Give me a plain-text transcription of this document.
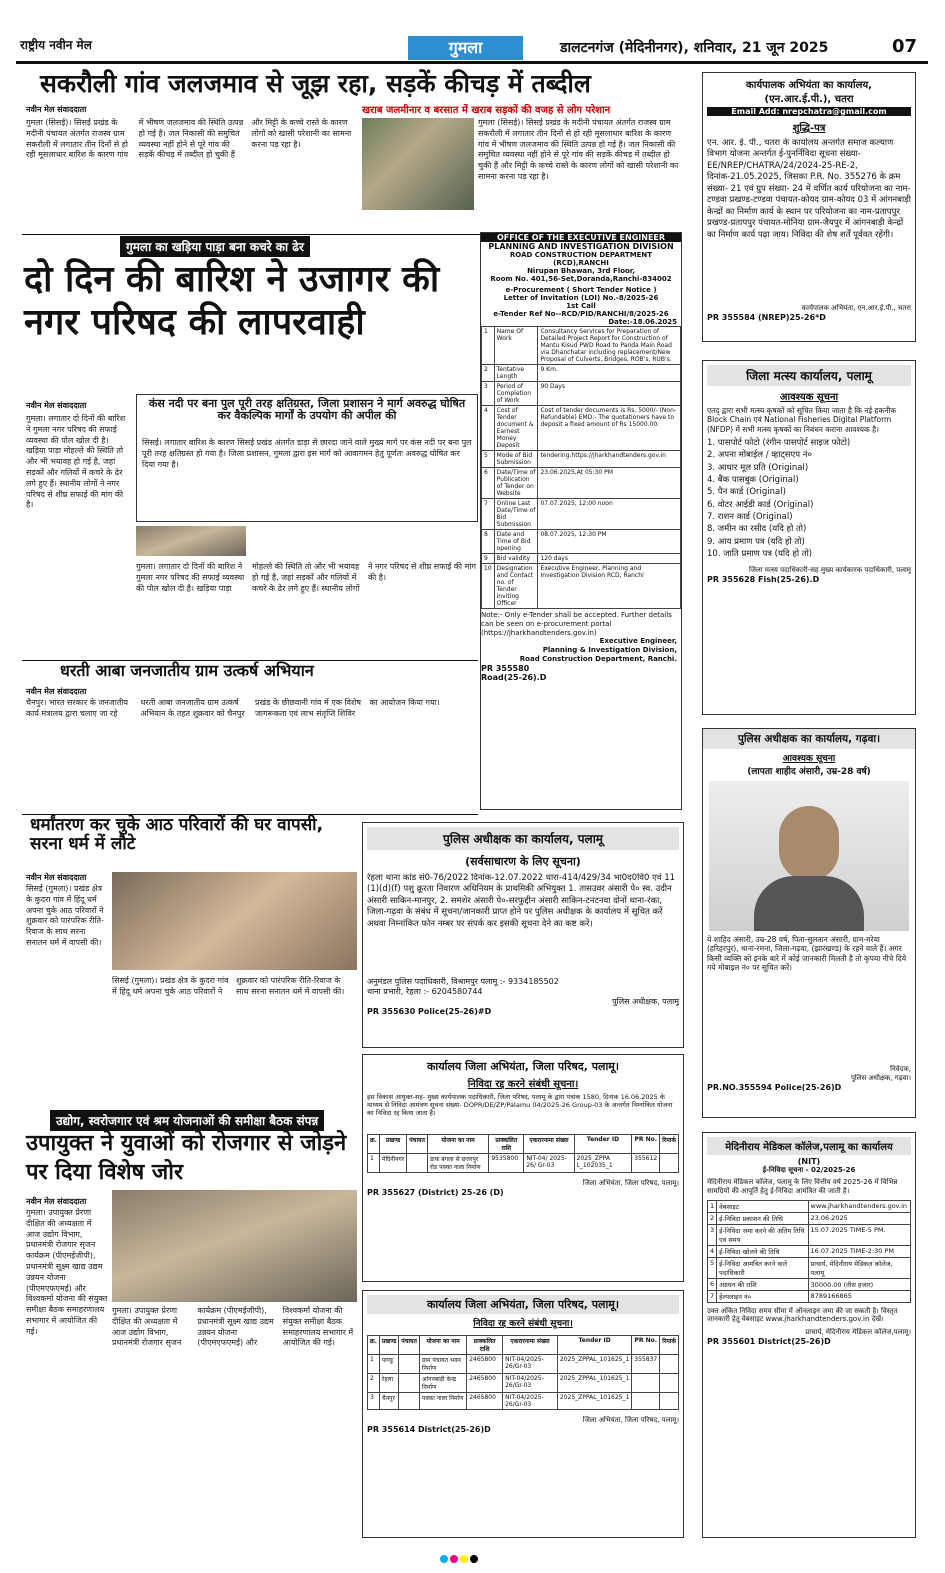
राष्ट्रीय नवीन मेल	गुमला	डालटनगंज (मेदिनीनगर), शनिवार, 21 जून 2025	07
सकरौली गांव जलजमाव से जूझ रहा, सड़कें कीचड़ में तब्दील
नवीन मेल संवाददाता
गुमला (सिसई)। सिसई प्रखंड के मदीनी पंचायत अंतर्गत राजस्व ग्राम सकरौली में लगातार तीन दिनों से हो रही मूसलाधार बारिश के कारण गांव में भीषण जलजमाव की स्थिति उत्पन्न हो गई है। जल निकासी की समुचित व्यवस्था नहीं होने से पूरे गांव की सड़कें कीचड़ में तब्दील हो चुकी हैं और मिट्टी के कच्चे रास्ते के कारण लोगों को खासी परेशानी का सामना करना पड़ रहा है।
खराब जलमीनार व बरसात में खराब सड़कों की वजह से लोग परेशान
गुमला (सिसई)। सिसई प्रखंड के मदीनी पंचायत अंतर्गत राजस्व ग्राम सकरौली में लगातार तीन दिनों से हो रही मूसलाधार बारिश के कारण गांव में भीषण जलजमाव की स्थिति उत्पन्न हो गई है। जल निकासी की समुचित व्यवस्था नहीं होने से पूरे गांव की सड़कें कीचड़ में तब्दील हो चुकी हैं और मिट्टी के कच्चे रास्ते के कारण लोगों को खासी परेशानी का सामना करना पड़ रहा है।
गुमला का खड़िया पाड़ा बना कचरे का ढेर
दो दिन की बारिश ने उजागर की नगर परिषद की लापरवाही
नवीन मेल संवाददाता
गुमला। लगातार दो दिनों की बारिश ने गुमला नगर परिषद की सफाई व्यवस्था की पोल खोल दी है। खड़िया पाड़ा मोहल्ले की स्थिति तो और भी भयावह हो गई है, जहां सड़कों और गलियों में कचरे के ढेर लगे हुए हैं। स्थानीय लोगों ने नगर परिषद से शीघ्र सफाई की मांग की है।
कंस नदी पर बना पुल पूरी तरह क्षतिग्रस्त, जिला प्रशासन ने मार्ग अवरुद्ध घोषित कर वैकल्पिक मार्गों के उपयोग की अपील की
सिसई। लगातार बारिश के कारण सिसई प्रखंड अंतर्गत डाड़ा से छारदा जाने वाले मुख्य मार्ग पर कंस नदी पर बना पुल पूरी तरह क्षतिग्रस्त हो गया है। जिला प्रशासन, गुमला द्वारा इस मार्ग को आवागमन हेतु पूर्णतः अवरुद्ध घोषित कर दिया गया है।
गुमला। लगातार दो दिनों की बारिश ने गुमला नगर परिषद की सफाई व्यवस्था की पोल खोल दी है। खड़िया पाड़ा मोहल्ले की स्थिति तो और भी भयावह हो गई है, जहां सड़कों और गलियों में कचरे के ढेर लगे हुए हैं। स्थानीय लोगों ने नगर परिषद से शीघ्र सफाई की मांग की है।
धरती आबा जनजातीय ग्राम उत्कर्ष अभियान
नवीन मेल संवाददाता
चैनपुर। भारत सरकार के जनजातीय कार्य मंत्रालय द्वारा चलाए जा रहे धरती आबा जनजातीय ग्राम उत्कर्ष अभियान के तहत शुक्रवार को चैनपुर प्रखंड के छीछवानी गांव में एक विशेष जागरूकता एवं लाभ संतृप्ति शिविर का आयोजन किया गया।
धर्मांतरण कर चुके आठ परिवारों की घर वापसी, सरना धर्म में लौटे
नवीन मेल संवाददाता
सिसई (गुमला)। प्रखंड क्षेत्र के कुदरा गांव में हिंदू धर्म अपना चुके आठ परिवारों ने शुक्रवार को पारंपरिक रीति-रिवाज के साथ सरना सनातन धर्म में वापसी की।
सिसई (गुमला)। प्रखंड क्षेत्र के कुदरा गांव में हिंदू धर्म अपना चुके आठ परिवारों ने शुक्रवार को पारंपरिक रीति-रिवाज के साथ सरना सनातन धर्म में वापसी की।
उद्योग, स्वरोजगार एवं श्रम योजनाओं की समीक्षा बैठक संपन्न
उपायुक्त ने युवाओं को रोजगार से जोड़ने पर दिया विशेष जोर
नवीन मेल संवाददाता
गुमला। उपायुक्त प्रेरणा दीक्षित की अध्यक्षता में आज उद्योग विभाग, प्रधानमंत्री रोजगार सृजन कार्यक्रम (पीएमईजीपी), प्रधानमंत्री सूक्ष्म खाद्य उद्यम उन्नयन योजना (पीएमएफएमई) और विश्वकर्मा योजना की संयुक्त समीक्षा बैठक समाहरणालय सभागार में आयोजित की गई।
गुमला। उपायुक्त प्रेरणा दीक्षित की अध्यक्षता में आज उद्योग विभाग, प्रधानमंत्री रोजगार सृजन कार्यक्रम (पीएमईजीपी), प्रधानमंत्री सूक्ष्म खाद्य उद्यम उन्नयन योजना (पीएमएफएमई) और विश्वकर्मा योजना की संयुक्त समीक्षा बैठक समाहरणालय सभागार में आयोजित की गई।
OFFICE OF THE EXECUTIVE ENGINEER
PLANNING AND INVESTIGATION DIVISION
ROAD CONSTRUCTION DEPARTMENT (RCD),RANCHI
Nirupan Bhawan, 3rd Floor,
Room No. 401,56-Set,Doranda,Ranchi-834002
e-Procurement ( Short Tender Notice )
Letter of Invitation (LOI) No.-8/2025-26
1st Call
e-Tender Ref No--RCD/PID/RANCHI/8/2025-26
Date:-18.06.2025
1	Name Of Work	Consultancy Services for Preparation of Detailed Project Report for Construction of Mantu Kisud PWD Road to Panda Main Road via Dhanchatar including replacement/New Proposal of Culverts, Bridges, ROB's, RUB's.
2	Tentative Length	9 Km.
3	Period of Completion of Work	90 Days
4	Cost of Tender document & Earnest Money Deposit	Cost of tender documents is Rs. 5000/- (Non-Refundable) EMD:- The quotationers have to deposit a fixed amount of Rs 15000.00.
5	Mode of Bid Submission	tendering.https://jharkhandtenders.gov.in
6	Date/Time of Publication of Tender on Website	23.06.2025,At 05:30 PM
7	Online Last Date/Time of Bid Submission	07.07.2025, 12:00 noon
8	Date and Time of Bid opening	08.07.2025, 12:30 PM
9	Bid validity	120 days
10	Designation and Contact no. of Tender inviting Officer	Executive Engineer, Planning and Investigation Division RCD, Ranchi
Note:- Only e-Tender shall be accepted. Further details can be seen on e-procurement portal (https://jharkhandtenders.gov.in)
Executive Engineer,
Planning & Investigation Division,
Road Construction Department, Ranchi.
PR 355580
Road(25-26).D
कार्यपालक अभियंता का कार्यालय,
(एन.आर.ई.पी.), चतरा
Email Add: nrepchatra@gmail.com
शुद्धि-पत्र
एन. आर. ई. पी., चतरा के कार्यालय अन्तर्गत समाज कल्याण विभाग योजना अन्तर्गत ई-पुनर्निविदा सूचना संख्या- EE/NREP/CHATRA/24/2024-25-RE-2, दिनांक-21.05.2025, जिसका P.R. No. 355276 के क्रम संख्या- 21 एवं ग्रुप संख्या- 24 में वर्णित कार्य परियोजना का नाम-टण्डवा प्रखण्ड-टण्डवा पंचायत-कोयद ग्राम-कोयद 03 में आंगनबाड़ी केन्द्रों का निर्माण कार्य के स्थान पर परियोजना का नाम-प्रतापपुर प्रखण्ड-प्रतापपुर पंचायत-मोनिया ग्राम-जैयपुर में आंगनबाड़ी केन्द्रों का निर्माण कार्य पढ़ा जाय। निविदा की शेष शर्तें पूर्ववत रहेंगी।
कार्यपालक अभियंता, एन.आर.ई.पी., चतरा
PR 355584 (NREP)25-26*D
जिला मत्स्य कार्यालय, पलामू
आवश्यक सूचना
एतद् द्वारा सभी मत्स्य कृषकों को सूचित किया जाता है कि नई हकनीक Block Chain एवं National Fisheries Digital Platform (NFDP) में सभी मत्स्य कृषकों का निबंधन कराना आवश्यक है।
1. पासपोर्ट फोटो (रंगीन पासपोर्ट साइज फोटो)
2. अपना मोबाईल / व्हाट्सएप नं०
3. आधार मूल प्रति (Original)
4. बैंक पासबुक (Original)
5. पैन कार्ड (Original)
6. वोटर आईडी कार्ड (Original)
7. राशन कार्ड (Original)
8. जमीन का रसीद (यदि हो तो)
9. आय प्रमाण पत्र (यदि हो तो)
10. जाति प्रमाण पत्र (यदि हो तो)
जिला मत्स्य पदाधिकारी-सह मुख्य कार्यकारक पदाधिकारी, पलामू
PR 355628 Fish(25-26).D
पुलिस अधीक्षक का कार्यालय, गढ़वा।
आवश्यक सूचना
(लापता शाहीद अंसारी, उम्र-28 वर्ष)
ये शाहिद अंसारी, उम्र-28 वर्ष, पिता-सुलतान अंसारी, ग्राम-मरेया (हरिहरपुर), थाना-रमना, जिला-गढ़वा, (झारखण्ड) के रहने वाले हैं। अगर किसी व्यक्ति को इनके बारे में कोई जानकारी मिलती है तो कृपया नीचे दिये गये मोबाइल नं० पर सूचित करें।
निवेदक,
पुलिस अधीक्षक, गढ़वा।
PR.NO.355594 Police(25-26)D
पुलिस अधीक्षक का कार्यालय, पलामू
(सर्वसाधारण के लिए सूचना)
रेहला थाना कांड सं0-76/2022 दिनांक-12.07.2022 धारा-414/429/34 भा0द0वि0 एवं 11 (1)(d)(f) पशु क्रूरता निवारण अधिनियम के प्राथमिकी अभियुक्त 1. तासउवर अंसारी पे० स्व. उदीन अंसारी साकिन-मानपुर, 2. समशेर अंसारी पे०-सरफुद्दीन अंसारी साकिन-टनटनवा दोनों थाना-रंका, जिला-गढ़वा के संबंध में सूचना/जानकारी प्राप्त होने पर पुलिस अधीक्षक के कार्यालय में सूचित करें अथवा निम्नांकित फोन नम्बर पर संपर्क कर इसकी सूचना देने का कष्ट करें।
अनुमंडल पुलिस पदाधिकारी, विश्रामपुर पलामू :- 9334185502
थाना प्रभारी, रेहला :- 6204580744
पुलिस अधीक्षक, पलामू
PR 355630 Police(25-26)#D
कार्यालय जिला अभियंता, जिला परिषद, पलामू।
निविदा रद्द करने संबंधी सूचना।
इस विकास आयुक्त-सह- मुख्य कार्यपालक पदाधिकारी, जिला परिषद, पलामू के द्वारा पत्रांक 1580, दिनांक 16.06.2025 के माध्यम से निविदा आमंत्रण सूचना संख्या- DOPR/DE/ZP/Palamu 04/2025-26 Group-03 के अन्तर्गत निम्नांकित योजना का निविदा रद्द किया जाता है।
क्र.	प्रखण्ड	पंचायत	योजना का नाम	प्राक्कलित राशि	एकरारनामा संख्या	Tender ID	PR No.	रिमार्क
1	मेदिनीनगर		डाक बंगला से छत्तरपुर रोड पक्का नाला निर्माण	9535800	NIT-04/ 2025-26/ Gr-03	2025_ZPPA L_102035_1	355612	
जिला अभियंता, जिला परिषद, पलामू।
PR 355627 (District) 25-26 (D)
कार्यालय जिला अभियंता, जिला परिषद, पलामू।
निविदा रद्द करने संबंधी सूचना।
क्र.	प्रखण्ड	पंचायत	योजना का नाम	प्राक्कलित राशि	एकरारनामा संख्या	Tender ID	PR No.	रिमार्क
1	पाण्डु		ग्राम पंचायत भवन निर्माण	2465800	NIT-04/2025-26/Gr-03	2025_ZPPAL_101625_1	355837	
2	रेहला		आंगनबाड़ी केन्द्र निर्माण	2465800	NIT-04/2025-26/Gr-03	2025_ZPPAL_101625_1		
3	चैनपुर		पक्का नाला निर्माण	2465800	NIT-04/2025-26/Gr-03	2025_ZPPAL_101625_1		
जिला अभियंता, जिला परिषद, पलामू।
PR 355614 District(25-26)D
मेदिनीराय मेडिकल कॉलेज,पलामू का कार्यालय
(NIT)
ई-निविदा सूचना - 02/2025-26
मेदिनीराय मेडिकल कॉलेज, पलामू के लिए वित्तीय वर्ष 2025-26 में विभिन्न सामग्रियों की आपूर्ति हेतु ई-निविदा आमंत्रित की जाती है।
1	वेबसाइट	www.jharkhandtenders.gov.in
2	ई-निविदा प्रकाशन की तिथि	23.06.2025
3	ई-निविदा जमा करने की अंतिम तिथि एवं समय	15.07.2025 TIME-5 PM.
4	ई-निविदा खोलने की तिथि	16.07.2025 TIME-2:30 PM
5	ई-निविदा आमंत्रित करने वाले पदाधिकारी	प्राचार्य, मेदिनीराय मेडिकल कॉलेज, पलामू
6	अग्रधन की राशि	30000.00 (तीस हजार)
7	हेल्पलाइन नं०	8789166865
उक्त अंकित निविदा समय सीमा में ऑनलाइन जमा की जा सकती है। विस्तृत जानकारी हेतु वेबसाइट www.jharkhandtenders.gov.in देखें।
प्राचार्य, मेदिनीराय मेडिकल कॉलेज,पलामू।
PR 355601 District(25-26)D
